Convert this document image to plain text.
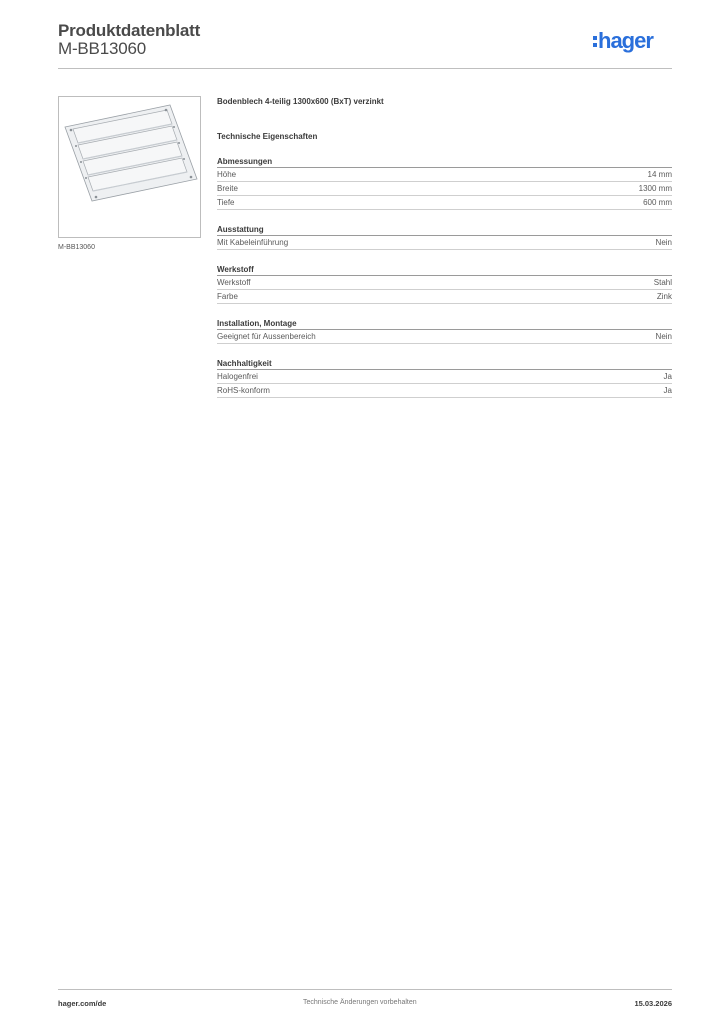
Produktdatenblatt
M-BB13060	hager
M-BB13060
Bodenblech 4-teilig 1300x600 (BxT) verzinkt
Technische Eigenschaften
Abmessungen
Höhe	14 mm
Breite	1300 mm
Tiefe	600 mm
Ausstattung
Mit Kabeleinführung	Nein
Werkstoff
Werkstoff	Stahl
Farbe	Zink
Installation, Montage
Geeignet für Aussenbereich	Nein
Nachhaltigkeit
Halogenfrei	Ja
RoHS-konform	Ja
hager.com/de	Technische Änderungen vorbehalten	15.03.2026
